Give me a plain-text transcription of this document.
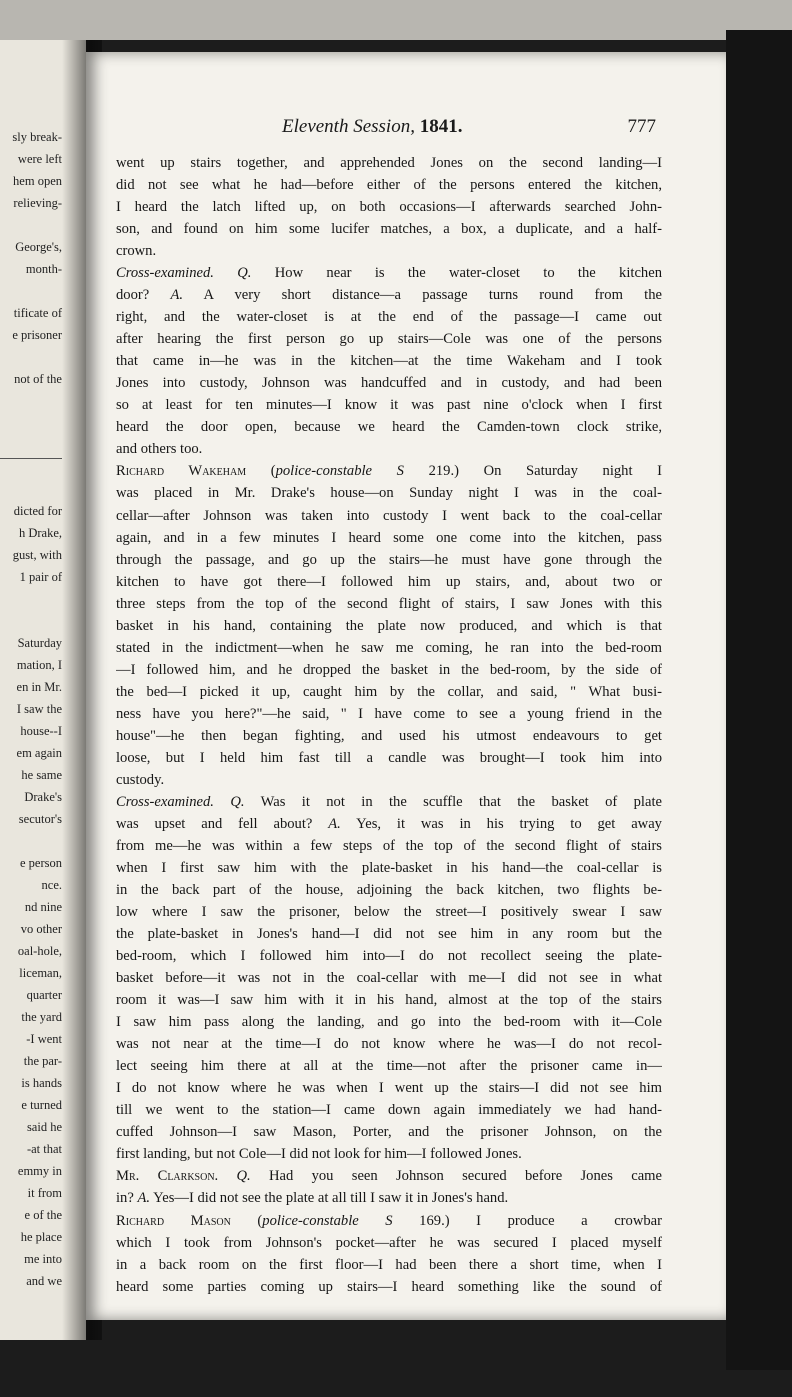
sly break-
were left
hem open
relieving-
George's,
month-
tificate of
e prisoner
not of the
dicted for
h Drake,
gust, with
1 pair of
Saturday
mation, I
en in Mr.
I saw the
house--I
em again
he same
Drake's
secutor's
e person
nce.
nd nine
vo other
oal-hole,
liceman,
quarter
the yard
-I went
the par-
is hands
e turned
said he
-at that
emmy in
it from
e of the
he place
me into
and we
Eleventh Session, 1841.	777
went up stairs together, and apprehended Jones on the second landing—I
did not see what he had—before either of the persons entered the kitchen,
I heard the latch lifted up, on both occasions—I afterwards searched John-
son, and found on him some lucifer matches, a box, a duplicate, and a half-
crown.
Cross-examined. Q. How near is the water-closet to the kitchen
door? A. A very short distance—a passage turns round from the
right, and the water-closet is at the end of the passage—I came out
after hearing the first person go up stairs—Cole was one of the persons
that came in—he was in the kitchen—at the time Wakeham and I took
Jones into custody, Johnson was handcuffed and in custody, and had been
so at least for ten minutes—I know it was past nine o'clock when I first
heard the door open, because we heard the Camden-town clock strike,
and others too.
Richard Wakeham (police-constable S 219.) On Saturday night I
was placed in Mr. Drake's house—on Sunday night I was in the coal-
cellar—after Johnson was taken into custody I went back to the coal-cellar
again, and in a few minutes I heard some one come into the kitchen, pass
through the passage, and go up the stairs—he must have gone through the
kitchen to have got there—I followed him up stairs, and, about two or
three steps from the top of the second flight of stairs, I saw Jones with this
basket in his hand, containing the plate now produced, and which is that
stated in the indictment—when he saw me coming, he ran into the bed-room
—I followed him, and he dropped the basket in the bed-room, by the side of
the bed—I picked it up, caught him by the collar, and said, " What busi-
ness have you here?"—he said, " I have come to see a young friend in the
house"—he then began fighting, and used his utmost endeavours to get
loose, but I held him fast till a candle was brought—I took him into
custody.
Cross-examined. Q. Was it not in the scuffle that the basket of plate
was upset and fell about? A. Yes, it was in his trying to get away
from me—he was within a few steps of the top of the second flight of stairs
when I first saw him with the plate-basket in his hand—the coal-cellar is
in the back part of the house, adjoining the back kitchen, two flights be-
low where I saw the prisoner, below the street—I positively swear I saw
the plate-basket in Jones's hand—I did not see him in any room but the
bed-room, which I followed him into—I do not recollect seeing the plate-
basket before—it was not in the coal-cellar with me—I did not see in what
room it was—I saw him with it in his hand, almost at the top of the stairs
I saw him pass along the landing, and go into the bed-room with it—Cole
was not near at the time—I do not know where he was—I do not recol-
lect seeing him there at all at the time—not after the prisoner came in—
I do not know where he was when I went up the stairs—I did not see him
till we went to the station—I came down again immediately we had hand-
cuffed Johnson—I saw Mason, Porter, and the prisoner Johnson, on the
first landing, but not Cole—I did not look for him—I followed Jones.
Mr. Clarkson. Q. Had you seen Johnson secured before Jones came
in? A. Yes—I did not see the plate at all till I saw it in Jones's hand.
Richard Mason (police-constable S 169.) I produce a crowbar
which I took from Johnson's pocket—after he was secured I placed myself
in a back room on the first floor—I had been there a short time, when I
heard some parties coming up stairs—I heard something like the sound of
